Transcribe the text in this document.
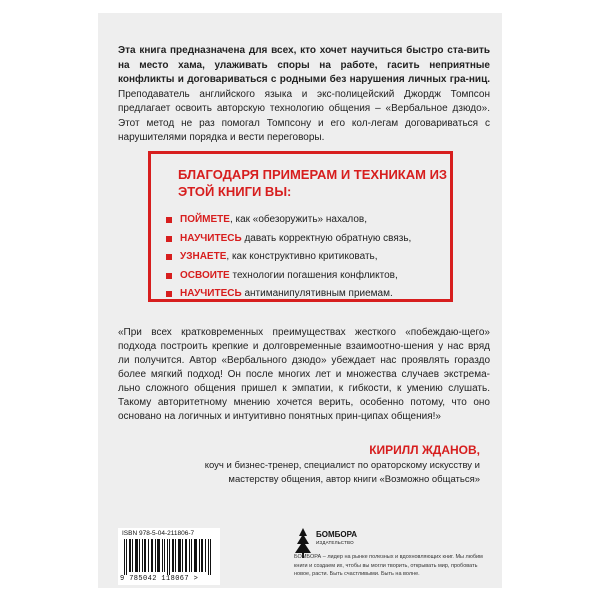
Эта книга предназначена для всех, кто хочет научиться быстро ста-вить на место хама, улаживать споры на работе, гасить неприятные конфликты и договариваться с родными без нарушения личных гра-ниц. Преподаватель английского языка и экс-полицейский Джордж Томпсон предлагает освоить авторскую технологию общения – «Вербальное дзюдо». Этот метод не раз помогал Томпсону и его кол-легам договариваться с нарушителями порядка и вести переговоры.

БЛАГОДАРЯ ПРИМЕРАМ И ТЕХНИКАМ ИЗ ЭТОЙ КНИГИ ВЫ:

ПОЙМЕТЕ, как «обезоружить» нахалов,
НАУЧИТЕСЬ давать корректную обратную связь,
УЗНАЕТЕ, как конструктивно критиковать,
ОСВОИТЕ технологии погашения конфликтов,
НАУЧИТЕСЬ антиманипулятивным приемам.

«При всех кратковременных преимуществах жесткого «побеждаю-щего» подхода построить крепкие и долговременные взаимоотно-шения у нас вряд ли получится. Автор «Вербального дзюдо» убеждает нас проявлять гораздо более мягкий подход! Он после многих лет и множества случаев экстрема-льно сложного общения пришел к эмпатии, к гибкости, к умению слушать. Такому авторитетному мнению хочется верить, особенно потому, что оно основано на логичных и интуитивно понятных прин-ципах общения!»

КИРИЛЛ ЖДАНОВ,

коуч и бизнес-тренер, специалист по ораторскому искусству и мастерству общения, автор книги «Возможно общаться»

ISBN 978-5-04-211806-7
9 785042 118067 >
БОМБОРА
ИЗДАТЕЛЬСТВО

БОМБОРА – лидер на рынке полезных и вдохновляющих книг. Мы любим книги и создаем их, чтобы вы могли творить, открывать мир, пробовать новое, расти. Быть счастливыми. Быть на волне.
